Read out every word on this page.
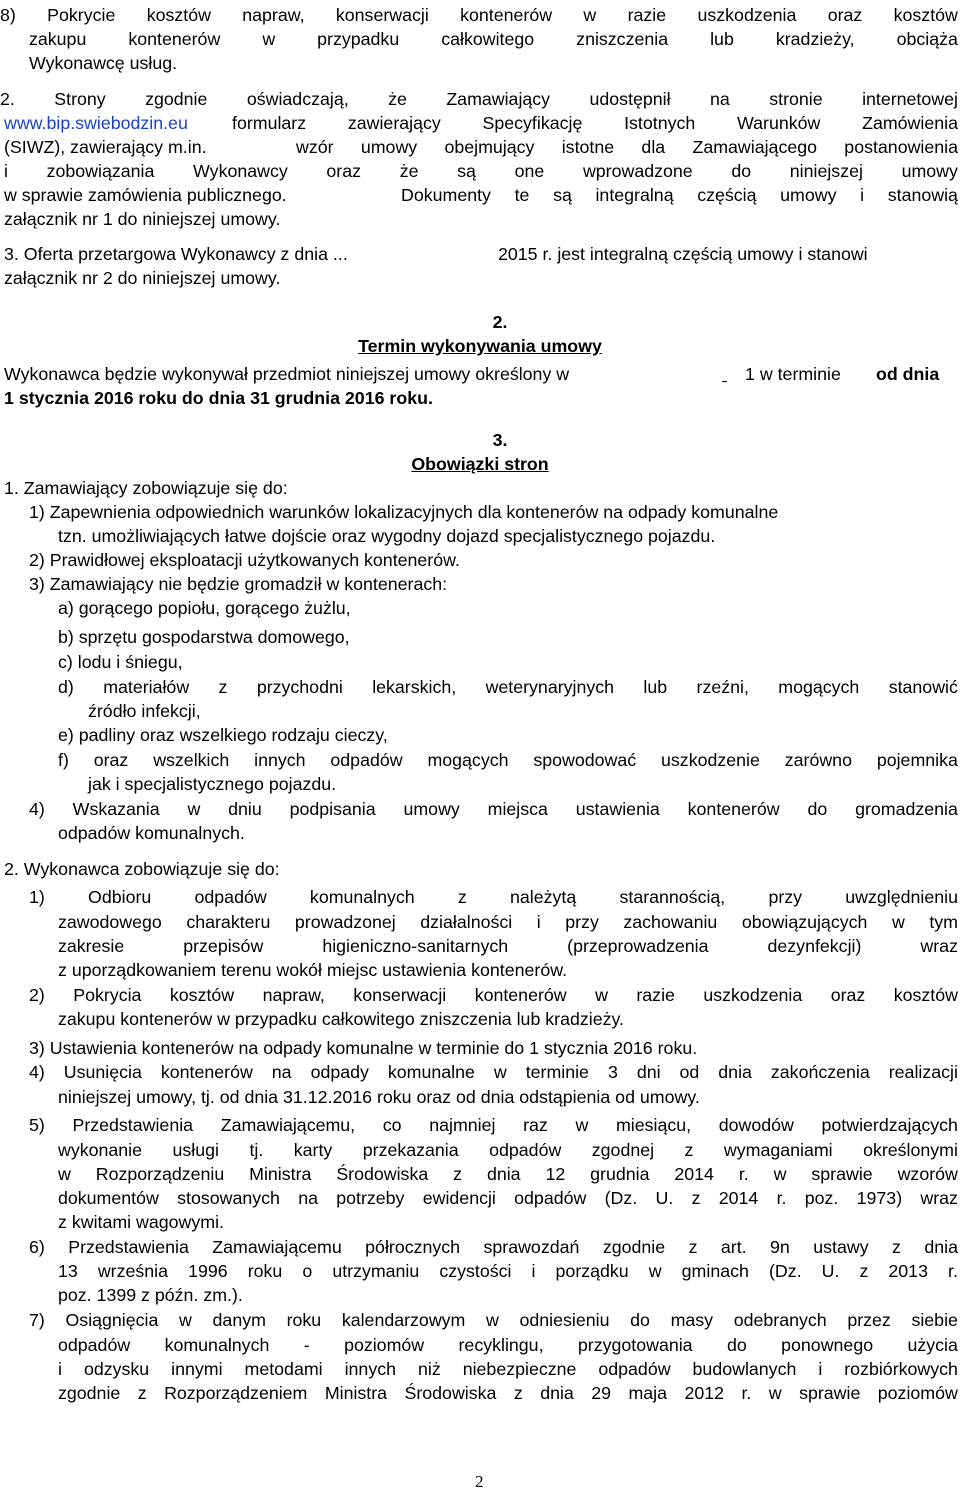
8) Pokrycie kosztów napraw, konserwacji kontenerów w razie uszkodzenia oraz kosztów
zakupu kontenerów w przypadku całkowitego zniszczenia lub kradzieży, obciąża
Wykonawcę usług.
2. Strony zgodnie oświadczają, że Zamawiający udostępnił na stronie internetowej
www.bip.swiebodzin.eu formularz zawierający Specyfikację Istotnych Warunków Zamówienia
(SIWZ), zawierający m.in.	wzór umowy obejmujący istotne dla Zamawiającego postanowienia
i zobowiązania Wykonawcy oraz że są one wprowadzone do niniejszej umowy
w sprawie zamówienia publicznego.	Dokumenty te są integralną częścią umowy i stanowią
załącznik nr 1 do niniejszej umowy.
3. Oferta przetargowa Wykonawcy z dnia ...	2015 r. jest integralną częścią umowy i stanowi
załącznik nr 2 do niniejszej umowy.
2.
Termin wykonywania umowy
Wykonawca będzie wykonywał przedmiot niniejszej umowy określony w
	1 w terminie od dnia
1 stycznia 2016 roku do dnia 31 grudnia 2016 roku.
3.
Obowiązki stron
1. Zamawiający zobowiązuje się do:
1) Zapewnienia odpowiednich warunków lokalizacyjnych dla kontenerów na odpady komunalne
tzn. umożliwiających łatwe dojście oraz wygodny dojazd specjalistycznego pojazdu.
2) Prawidłowej eksploatacji użytkowanych kontenerów.
3) Zamawiający nie będzie gromadził w kontenerach:
a) gorącego popiołu, gorącego żużlu,
b) sprzętu gospodarstwa domowego,
c) lodu i śniegu,
d) materiałów z przychodni lekarskich, weterynaryjnych lub rzeźni, mogących stanowić
źródło infekcji,
e) padliny oraz wszelkiego rodzaju cieczy,
f) oraz wszelkich innych odpadów mogących spowodować uszkodzenie zarówno pojemnika
jak i specjalistycznego pojazdu.
4) Wskazania w dniu podpisania umowy miejsca ustawienia kontenerów do gromadzenia
odpadów komunalnych.
2. Wykonawca zobowiązuje się do:
1) Odbioru odpadów komunalnych z należytą starannością, przy uwzględnieniu
zawodowego charakteru prowadzonej działalności i przy zachowaniu obowiązujących w tym
zakresie	przepisów	higieniczno-sanitarnych	(przeprowadzenia	dezynfekcji)	wraz
z uporządkowaniem terenu wokół miejsc ustawienia kontenerów.
2) Pokrycia kosztów napraw, konserwacji kontenerów w razie uszkodzenia oraz kosztów
zakupu kontenerów w przypadku całkowitego zniszczenia lub kradzieży.
3) Ustawienia kontenerów na odpady komunalne w terminie do 1 stycznia 2016 roku.
4) Usunięcia kontenerów na odpady komunalne w terminie 3 dni od dnia zakończenia realizacji
niniejszej umowy, tj. od dnia 31.12.2016 roku oraz od dnia odstąpienia od umowy.
5) Przedstawienia Zamawiającemu, co najmniej raz w miesiącu, dowodów potwierdzających
wykonanie usługi tj. karty przekazania odpadów zgodnej z wymaganiami określonymi
w Rozporządzeniu Ministra Środowiska z dnia 12 grudnia 2014 r. w sprawie wzorów
dokumentów stosowanych na potrzeby ewidencji odpadów (Dz. U. z 2014 r. poz. 1973) wraz
z kwitami wagowymi.
6) Przedstawienia Zamawiającemu półrocznych sprawozdań zgodnie z art. 9n ustawy z dnia
13 września 1996 roku o utrzymaniu czystości i porządku w gminach (Dz. U. z 2013 r.
poz. 1399 z późn. zm.).
7) Osiągnięcia w danym roku kalendarzowym w odniesieniu do masy odebranych przez siebie
odpadów komunalnych - poziomów recyklingu, przygotowania do ponownego użycia
i odzysku innymi metodami innych niż niebezpieczne odpadów budowlanych i rozbiórkowych
zgodnie z Rozporządzeniem Ministra Środowiska z dnia 29 maja 2012 r. w sprawie poziomów
2
